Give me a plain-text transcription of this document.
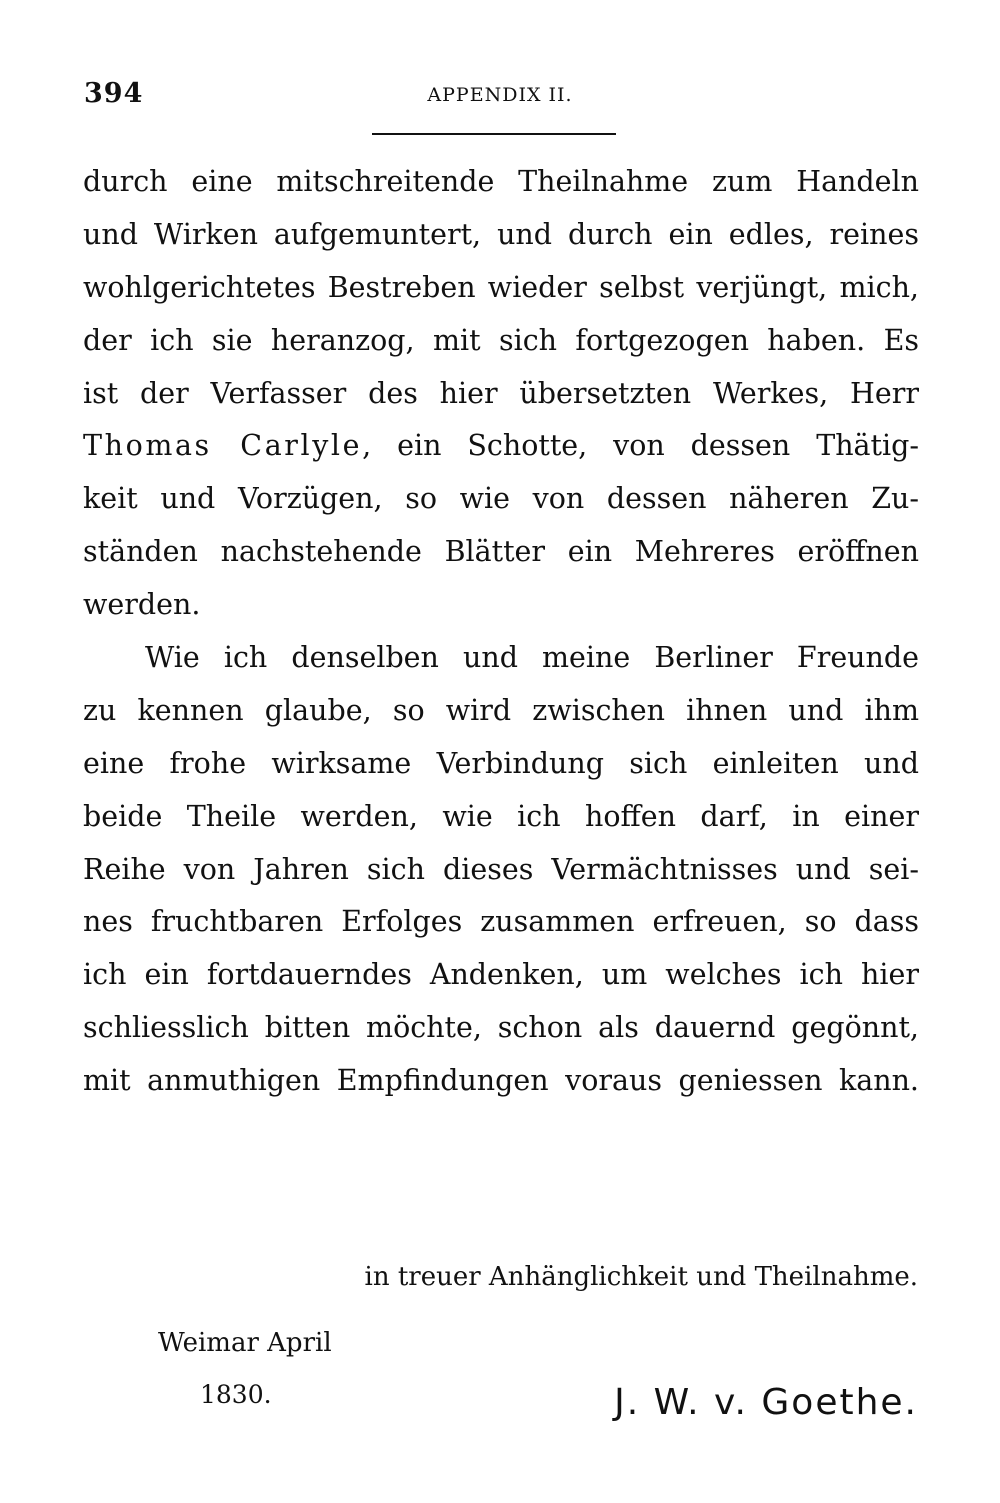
394	APPENDIX II.
durch eine mitschreitende Theilnahme zum Handeln
und Wirken aufgemuntert, und durch ein edles, reines
wohlgerichtetes Bestreben wieder selbst verjüngt, mich,
der ich sie heranzog, mit sich fortgezogen haben. Es
ist der Verfasser des hier übersetzten Werkes, Herr
Thomas Carlyle, ein Schotte, von dessen Thätig-
keit und Vorzügen, so wie von dessen näheren Zu-
ständen nachstehende Blätter ein Mehreres eröffnen
werden.
Wie ich denselben und meine Berliner Freunde
zu kennen glaube, so wird zwischen ihnen und ihm
eine frohe wirksame Verbindung sich einleiten und
beide Theile werden, wie ich hoffen darf, in einer
Reihe von Jahren sich dieses Vermächtnisses und sei-
nes fruchtbaren Erfolges zusammen erfreuen, so dass
ich ein fortdauerndes Andenken, um welches ich hier
schliesslich bitten möchte, schon als dauernd gegönnt,
mit anmuthigen Empfindungen voraus geniessen kann.
in treuer Anhänglichkeit und Theilnahme.
Weimar April
1830.	J. W. v. Goethe.
